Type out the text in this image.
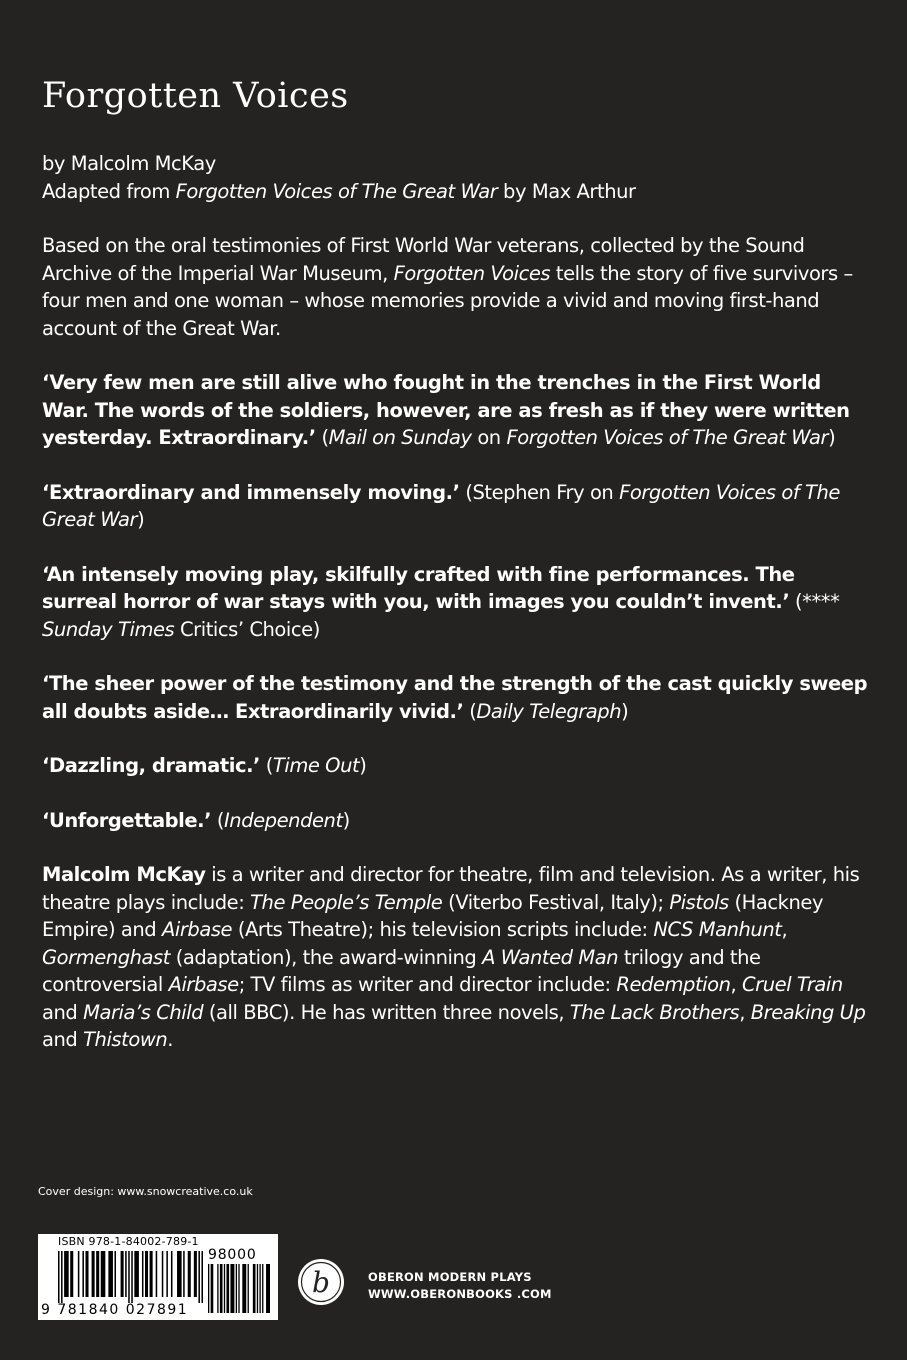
Forgotten Voices

by Malcolm McKay

Adapted from Forgotten Voices of The Great War by Max Arthur

Based on the oral testimonies of First World War veterans, collected by the Sound Archive of the Imperial War Museum, Forgotten Voices tells the story of five survivors – four men and one woman – whose memories provide a vivid and moving first-hand account of the Great War.

‘Very few men are still alive who fought in the trenches in the First World War. The words of the soldiers, however, are as fresh as if they were written yesterday. Extraordinary.’ (Mail on Sunday on Forgotten Voices of The Great War)

‘Extraordinary and immensely moving.’ (Stephen Fry on Forgotten Voices of The Great War)

‘An intensely moving play, skilfully crafted with fine performances. The surreal horror of war stays with you, with images you couldn’t invent.’ (**** Sunday Times Critics’ Choice)

‘The sheer power of the testimony and the strength of the cast quickly sweep all doubts aside… Extraordinarily vivid.’ (Daily Telegraph)

‘Dazzling, dramatic.’ (Time Out)

‘Unforgettable.’ (Independent)

Malcolm McKay is a writer and director for theatre, film and television. As a writer, his theatre plays include: The People’s Temple (Viterbo Festival, Italy); Pistols (Hackney Empire) and Airbase (Arts Theatre); his television scripts include: NCS Manhunt, Gormenghast (adaptation), the award-winning A Wanted Man trilogy and the controversial Airbase; TV films as writer and director include: Redemption, Cruel Train and Maria’s Child (all BBC). He has written three novels, The Lack Brothers, Breaking Up and Thistown.

Cover design: www.snowcreative.co.uk
ISBN 978-1-84002-789-1
98000
9 781840 027891
b	OBERON MODERN PLAYS
WWW.OBERONBOOKS .COM
